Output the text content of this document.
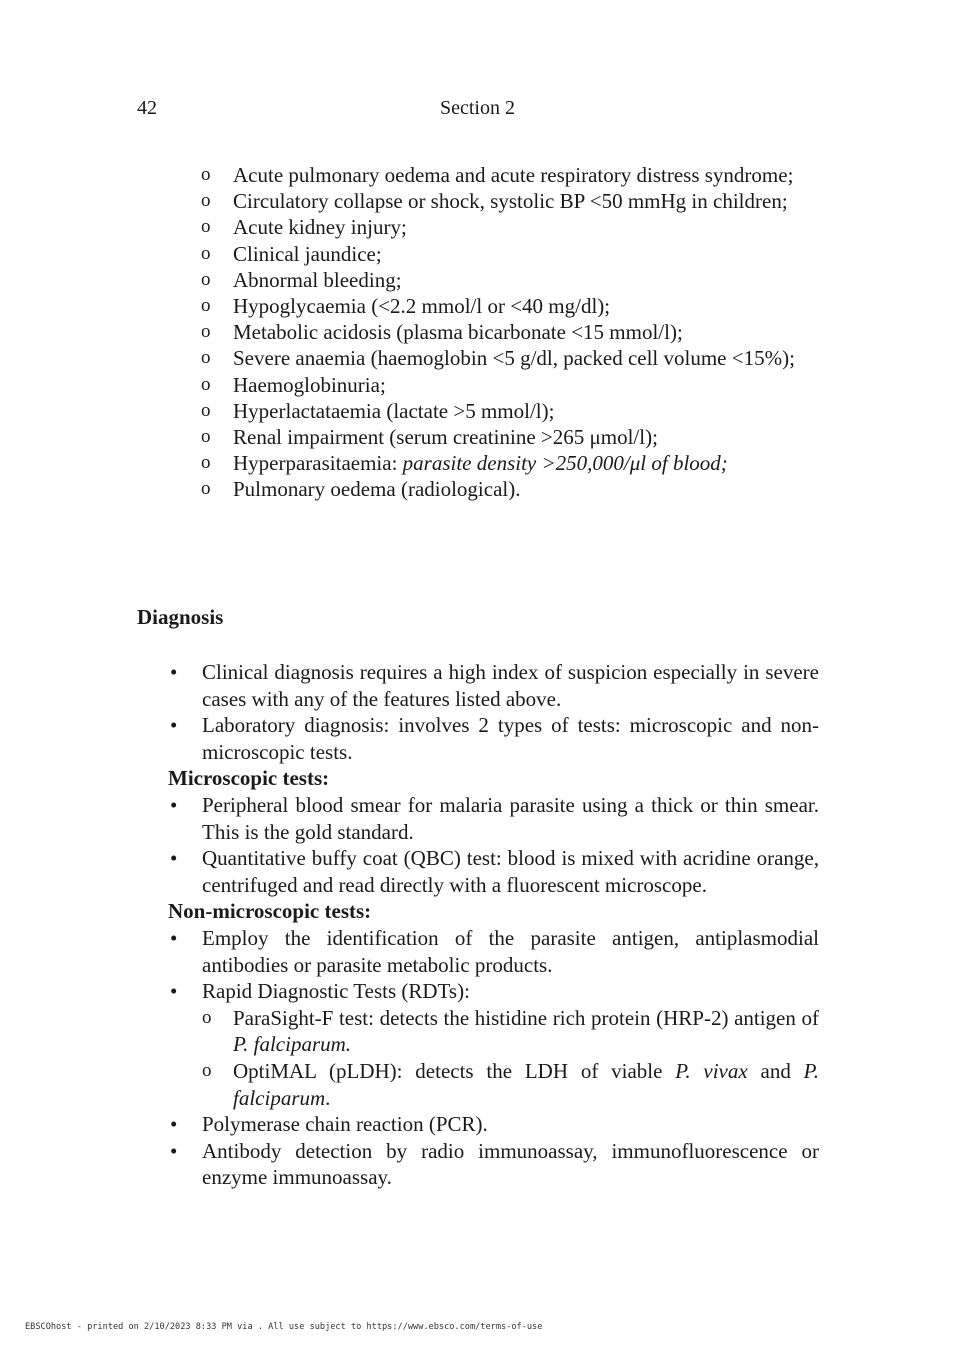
42	Section 2
o Acute pulmonary oedema and acute respiratory distress syndrome;
o Circulatory collapse or shock, systolic BP <50 mmHg in children;
o Acute kidney injury;
o Clinical jaundice;
o Abnormal bleeding;
o Hypoglycaemia (<2.2 mmol/l or <40 mg/dl);
o Metabolic acidosis (plasma bicarbonate <15 mmol/l);
o Severe anaemia (haemoglobin <5 g/dl, packed cell volume <15%);
o Haemoglobinuria;
o Hyperlactataemia (lactate >5 mmol/l);
o Renal impairment (serum creatinine >265 μmol/l);
o Hyperparasitaemia: parasite density >250,000/μl of blood;
o Pulmonary oedema (radiological).
Diagnosis
• Clinical diagnosis requires a high index of suspicion especially in severe cases with any of the features listed above.
• Laboratory diagnosis: involves 2 types of tests: microscopic and non-microscopic tests.
Microscopic tests:
• Peripheral blood smear for malaria parasite using a thick or thin smear. This is the gold standard.
• Quantitative buffy coat (QBC) test: blood is mixed with acridine orange, centrifuged and read directly with a fluorescent microscope.
Non-microscopic tests:
• Employ the identification of the parasite antigen, antiplasmodial antibodies or parasite metabolic products.
• Rapid Diagnostic Tests (RDTs):
o ParaSight-F test: detects the histidine rich protein (HRP-2) antigen of P. falciparum.
o OptiMAL (pLDH): detects the LDH of viable P. vivax and P. falciparum.
• Polymerase chain reaction (PCR).
• Antibody detection by radio immunoassay, immunofluorescence or enzyme immunoassay.
EBSCOhost - printed on 2/10/2023 8:33 PM via . All use subject to https://www.ebsco.com/terms-of-use
